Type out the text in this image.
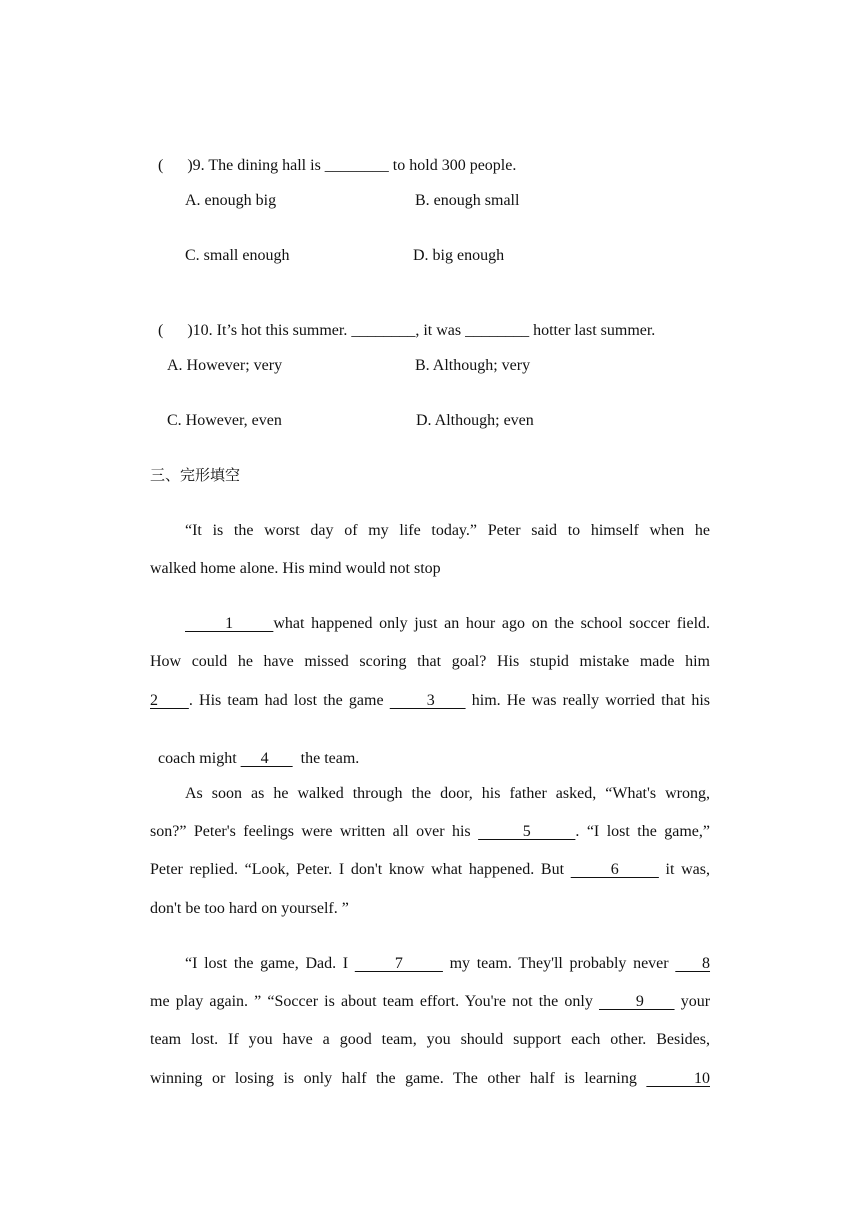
(      )9. The dining hall is ________ to hold 300 people.

A. enough big	B. enough small
C. small enough	D. big enough

(      )10. It’s hot this summer. ________, it was ________ hotter last summer.

A. However; very	B. Although; very
C. However, even	D. Although; even
三、完形填空
“It is the worst day of my life today.” Peter said to himself when he
walked home alone. His mind would not stop
1      what happened only just an hour ago on the school soccer field.
How could he have missed scoring that goal? His stupid mistake made him
2     . His team had lost the game       3      him. He was really worried that his

coach might      4        the team.

As soon as he walked through the door, his father asked, “What's wrong,
son?” Peter's feelings were written all over his       5      . “I lost the game,”
Peter replied. “Look, Peter. I don't know what happened. But       6       it was,
don't be too hard on yourself. ”
“I lost the game, Dad. I       7       my team. They'll probably never     8
me play again. ” “Soccer is about team effort. You're not the only       9      your
team lost. If you have a good team, you should support each other. Besides,
winning or losing is only half the game. The other half is learning      10
